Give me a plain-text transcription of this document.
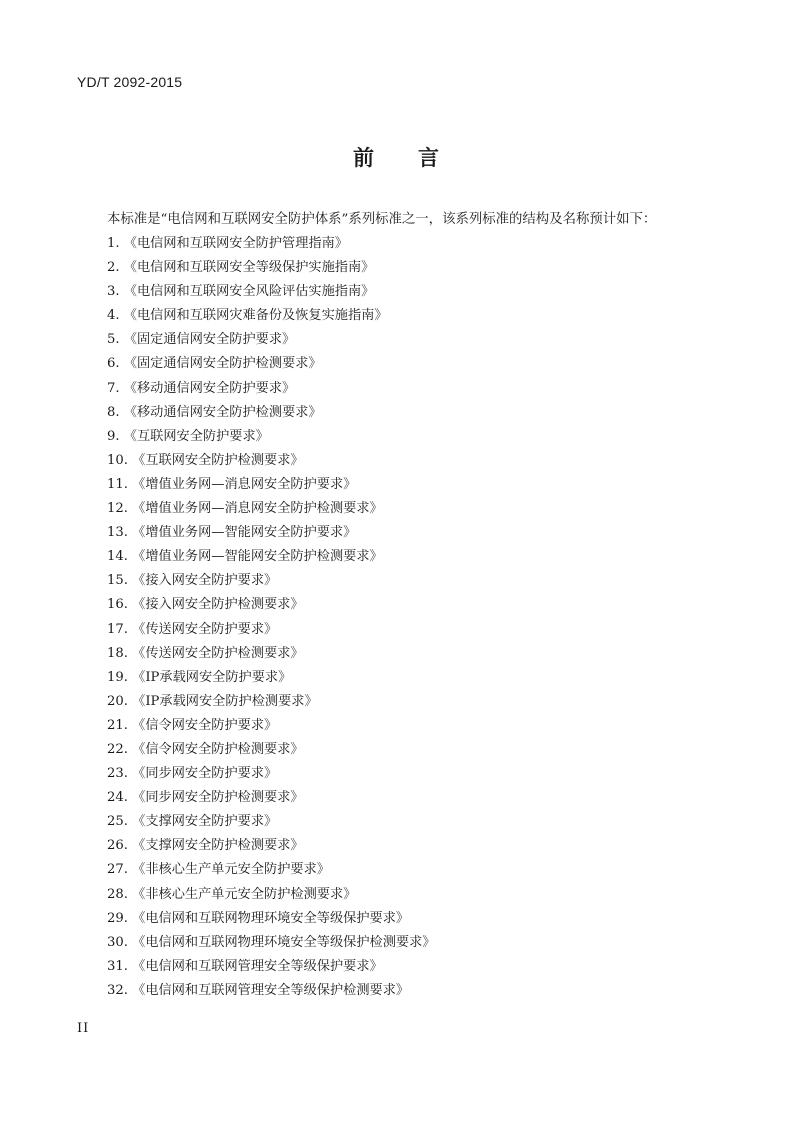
YD/T 2092-2015
前言
本标准是“电信网和互联网安全防护体系”系列标准之一，该系列标准的结构及名称预计如下：
1. 《电信网和互联网安全防护管理指南》
2. 《电信网和互联网安全等级保护实施指南》
3. 《电信网和互联网安全风险评估实施指南》
4. 《电信网和互联网灾难备份及恢复实施指南》
5. 《固定通信网安全防护要求》
6. 《固定通信网安全防护检测要求》
7. 《移动通信网安全防护要求》
8. 《移动通信网安全防护检测要求》
9. 《互联网安全防护要求》
10. 《互联网安全防护检测要求》
11. 《增值业务网—消息网安全防护要求》
12. 《增值业务网—消息网安全防护检测要求》
13. 《增值业务网—智能网安全防护要求》
14. 《增值业务网—智能网安全防护检测要求》
15. 《接入网安全防护要求》
16. 《接入网安全防护检测要求》
17. 《传送网安全防护要求》
18. 《传送网安全防护检测要求》
19. 《IP承载网安全防护要求》
20. 《IP承载网安全防护检测要求》
21. 《信令网安全防护要求》
22. 《信令网安全防护检测要求》
23. 《同步网安全防护要求》
24. 《同步网安全防护检测要求》
25. 《支撑网安全防护要求》
26. 《支撑网安全防护检测要求》
27. 《非核心生产单元安全防护要求》
28. 《非核心生产单元安全防护检测要求》
29. 《电信网和互联网物理环境安全等级保护要求》
30. 《电信网和互联网物理环境安全等级保护检测要求》
31. 《电信网和互联网管理安全等级保护要求》
32. 《电信网和互联网管理安全等级保护检测要求》
II
